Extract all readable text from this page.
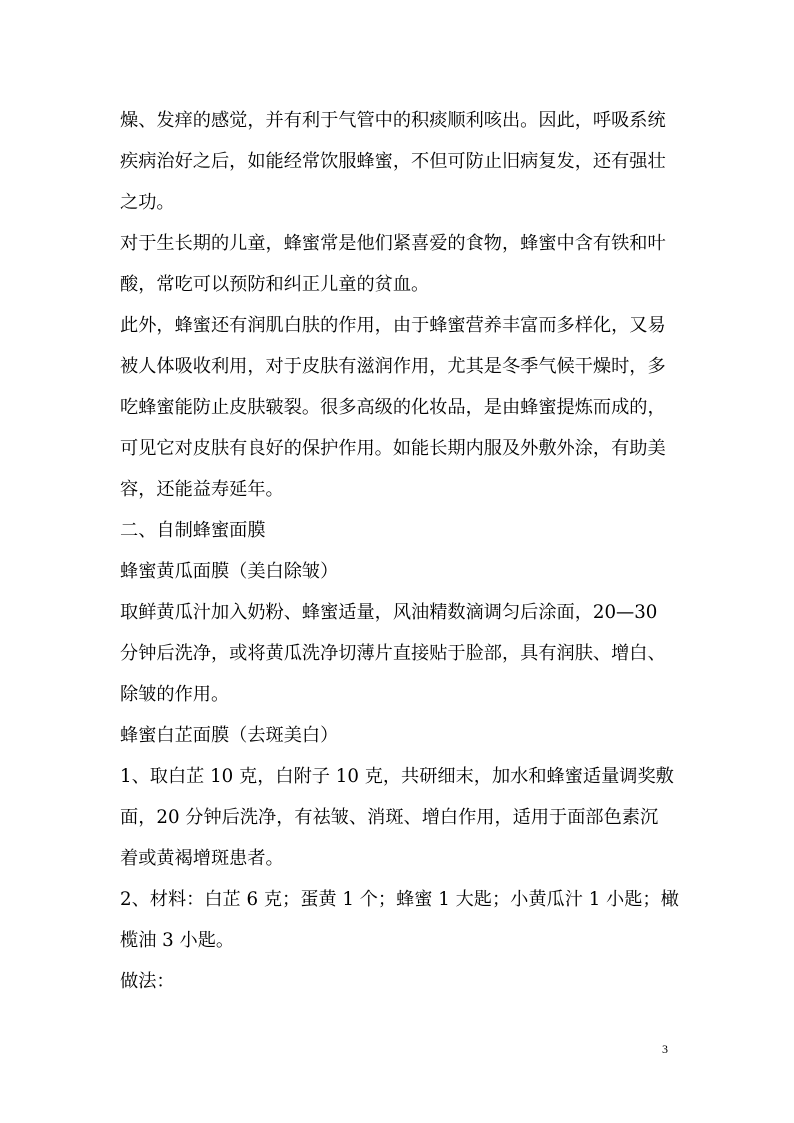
燥、发痒的感觉，并有利于气管中的积痰顺利咳出。因此，呼吸系统
疾病治好之后，如能经常饮服蜂蜜，不但可防止旧病复发，还有强壮
之功。
对于生长期的儿童，蜂蜜常是他们紧喜爱的食物，蜂蜜中含有铁和叶
酸，常吃可以预防和纠正儿童的贫血。
此外，蜂蜜还有润肌白肤的作用，由于蜂蜜营养丰富而多样化，又易
被人体吸收利用，对于皮肤有滋润作用，尤其是冬季气候干燥时，多
吃蜂蜜能防止皮肤皲裂。很多高级的化妆品，是由蜂蜜提炼而成的，
可见它对皮肤有良好的保护作用。如能长期内服及外敷外涂，有助美
容，还能益寿延年。
二、自制蜂蜜面膜
蜂蜜黄瓜面膜（美白除皱）
取鲜黄瓜汁加入奶粉、蜂蜜适量，风油精数滴调匀后涂面，20—30
分钟后洗净，或将黄瓜洗净切薄片直接贴于脸部，具有润肤、增白、
除皱的作用。
蜂蜜白芷面膜（去斑美白）
1、取白芷 10 克，白附子 10 克，共研细末，加水和蜂蜜适量调奖敷
面，20 分钟后洗净，有祛皱、消斑、增白作用，适用于面部色素沉
着或黄褐增斑患者。
2、材料：白芷 6 克；蛋黄 1 个；蜂蜜 1 大匙；小黄瓜汁 1 小匙；橄
榄油 3 小匙。
做法：
3
